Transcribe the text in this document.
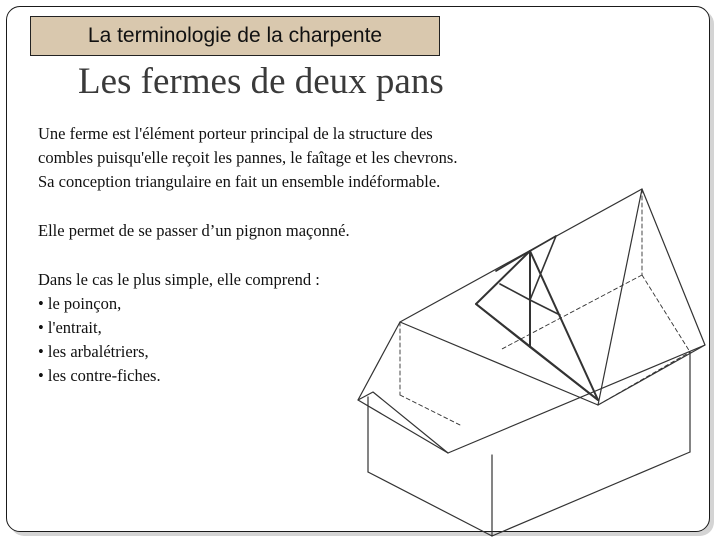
La terminologie de la charpente
Les fermes de deux pans

Une ferme est l'élément porteur principal de la structure des

combles puisqu'elle reçoit les pannes, le faîtage et les chevrons.

Sa conception triangulaire en fait un ensemble indéformable.

Elle permet de se passer d’un pignon maçonné.

Dans le cas le plus simple, elle comprend :

• le poinçon,

• l'entrait,

• les arbalétriers,

• les contre-fiches.
